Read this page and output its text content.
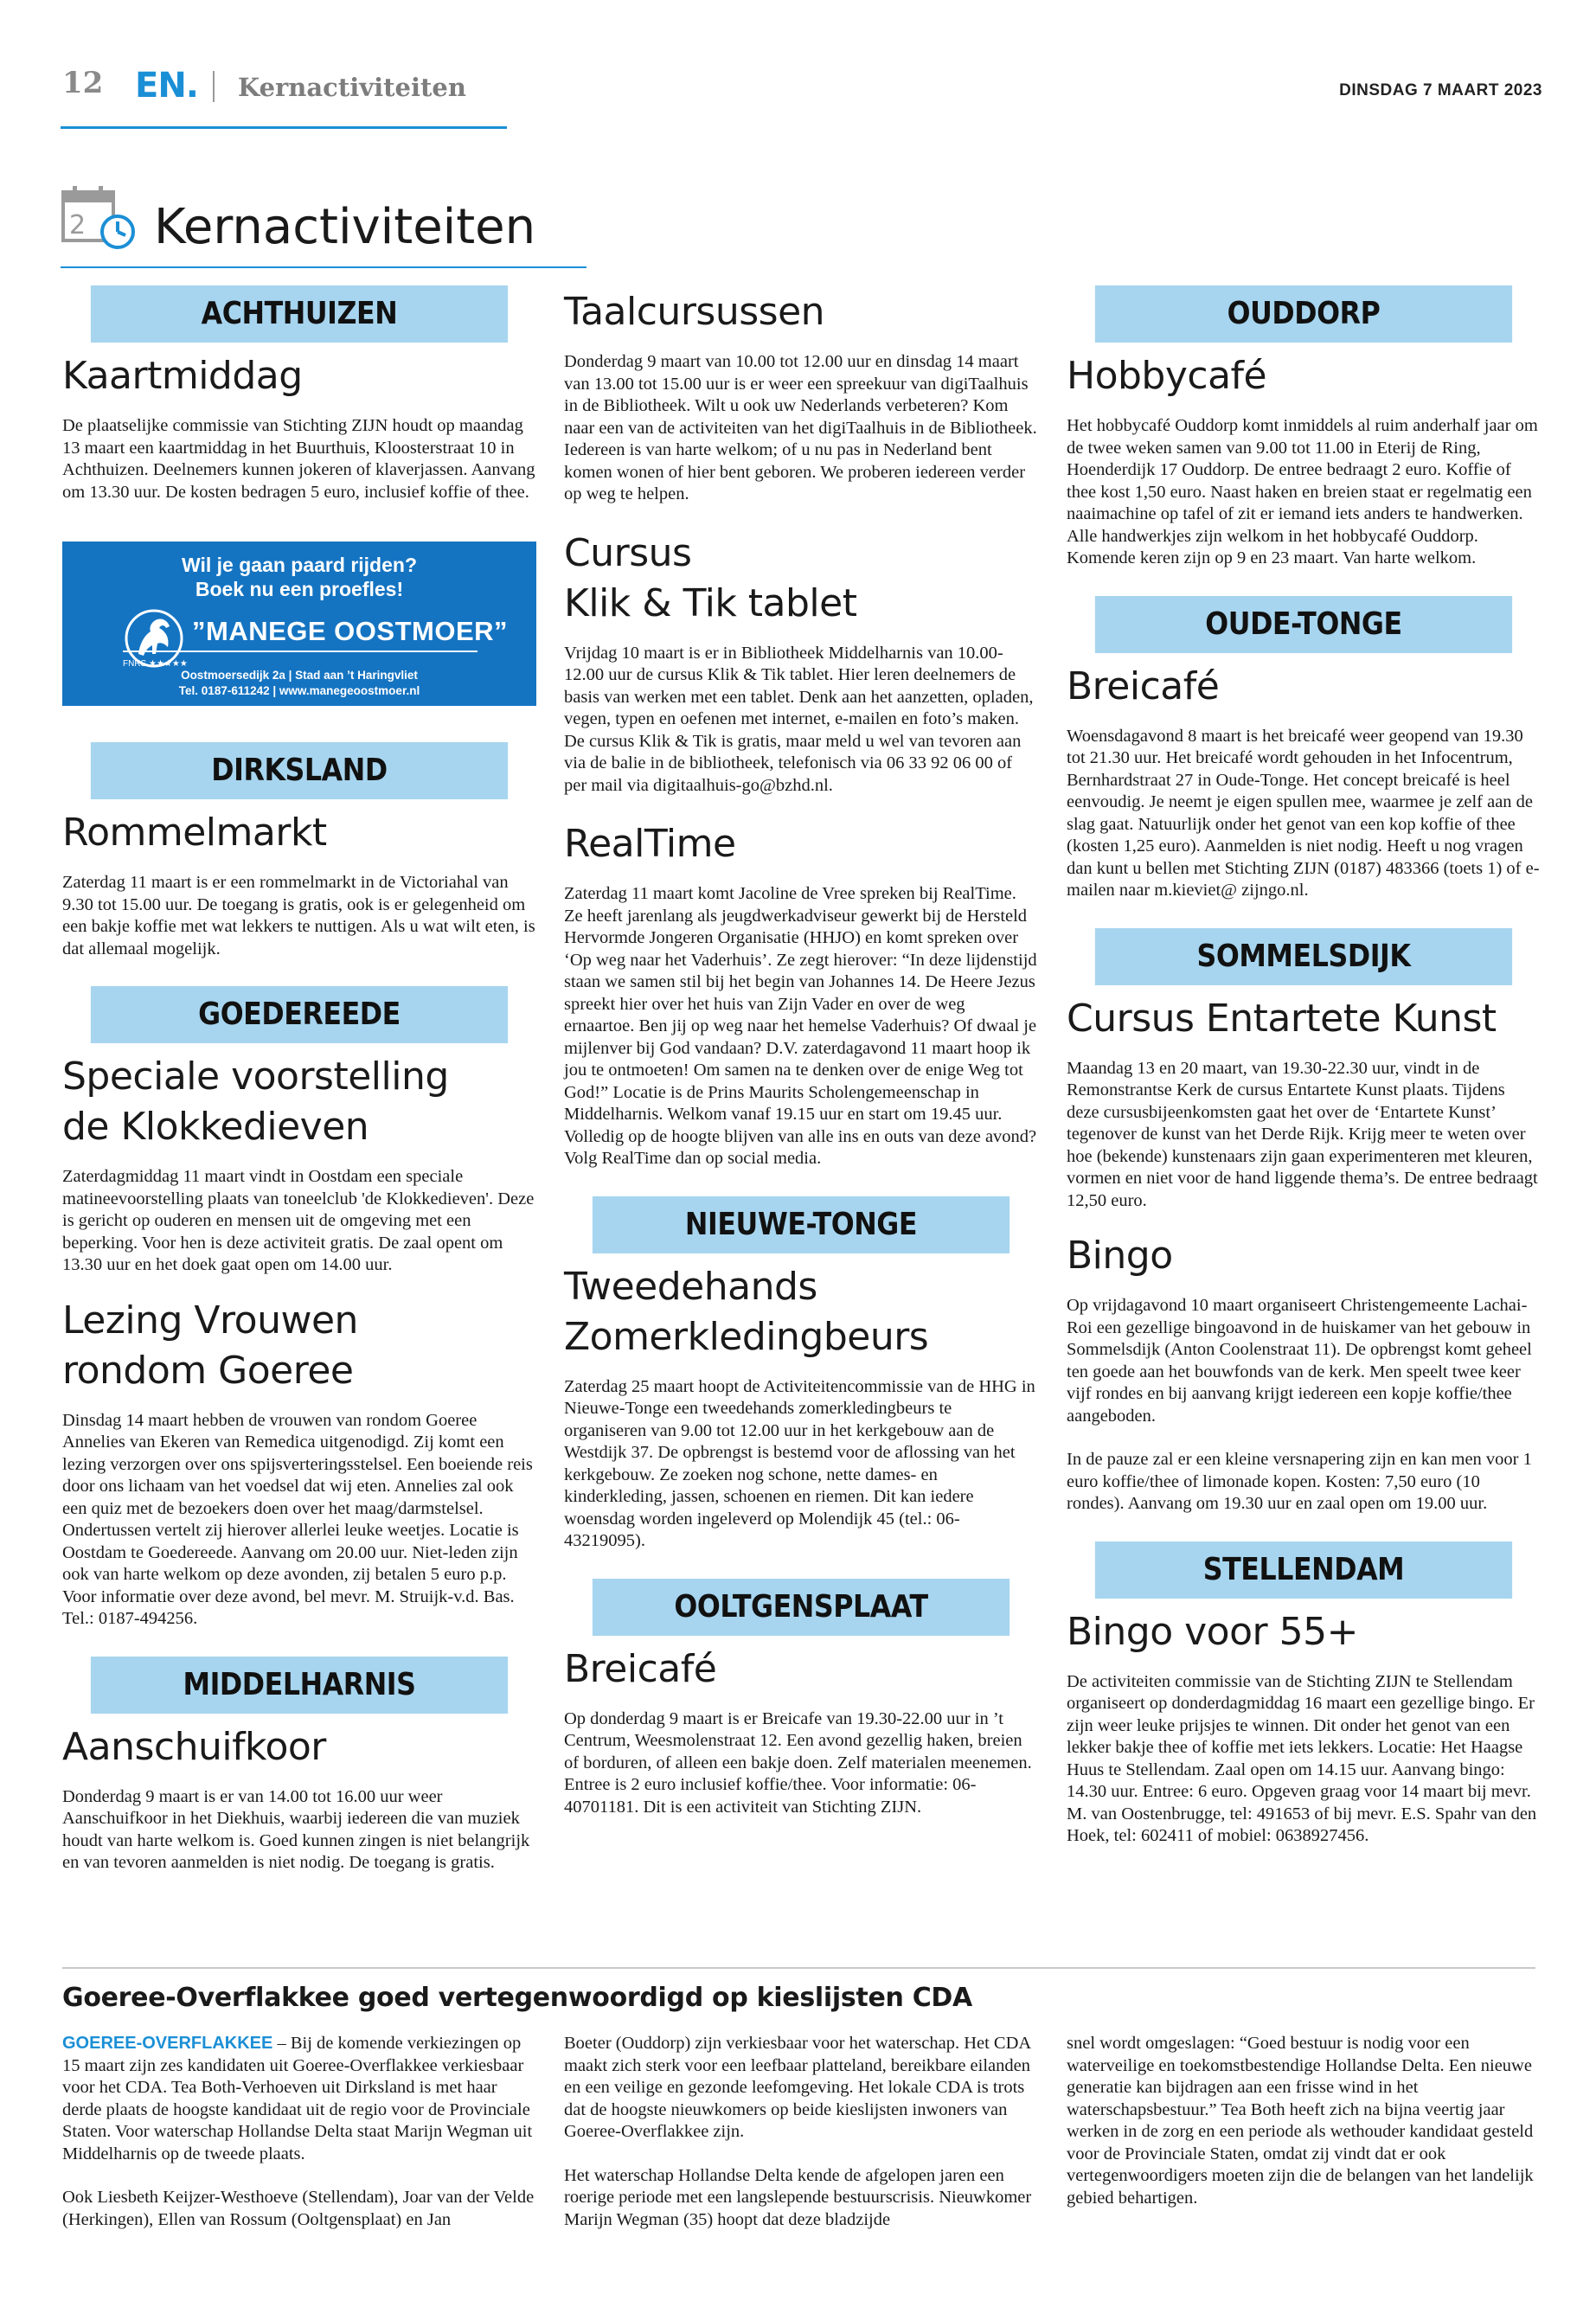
12 EN. Kernactiviteiten	DINSDAG 7 MAART 2023
2 Kernactiviteiten
ACHTHUIZEN
Kaartmiddag

De plaatselijke commissie van Stichting ZIJN houdt op maandag 13 maart een kaartmiddag in het Buurthuis, Kloosterstraat 10 in Achthuizen. Deelnemers kunnen jokeren of klaverjassen. Aanvang om 13.30 uur. De kosten bedragen 5 euro, inclusief koffie of thee.

Wil je gaan paard rijden?
Boek nu een proefles!
”MANEGE OOSTMOER”
FNRS ★★★★★
Oostmoersedijk 2a | Stad aan ’t Haringvliet
Tel. 0187-611242 | www.manegeoostmoer.nl
DIRKSLAND
Rommelmarkt

Zaterdag 11 maart is er een rommelmarkt in de Victoriahal van 9.30 tot 15.00 uur. De toegang is gratis, ook is er gelegenheid om een bakje koffie met wat lekkers te nuttigen. Als u wat wilt eten, is dat allemaal mogelijk.

GOEDEREEDE
Speciale voorstelling
de Klokkedieven

Zaterdagmiddag 11 maart vindt in Oostdam een speciale matineevoorstelling plaats van toneelclub 'de Klokkedieven'. Deze is gericht op ouderen en mensen uit de omgeving met een beperking. Voor hen is deze activiteit gratis. De zaal opent om 13.30 uur en het doek gaat open om 14.00 uur.

Lezing Vrouwen
rondom Goeree

Dinsdag 14 maart hebben de vrouwen van rondom Goeree Annelies van Ekeren van Remedica uitgenodigd. Zij komt een lezing verzorgen over ons spijsverteringsstelsel. Een boeiende reis door ons lichaam van het voedsel dat wij eten. Annelies zal ook een quiz met de bezoekers doen over het maag/darmstelsel. Ondertussen vertelt zij hierover allerlei leuke weetjes. Locatie is Oostdam te Goedereede. Aanvang om 20.00 uur. Niet-leden zijn ook van harte welkom op deze avonden, zij betalen 5 euro p.p. Voor informatie over deze avond, bel mevr. M. Struijk-v.d. Bas. Tel.: 0187-494256.

MIDDELHARNIS
Aanschuifkoor

Donderdag 9 maart is er van 14.00 tot 16.00 uur weer Aanschuifkoor in het Diekhuis, waarbij iedereen die van muziek houdt van harte welkom is. Goed kunnen zingen is niet belangrijk en van tevoren aanmelden is niet nodig. De toegang is gratis.

Taalcursussen

Donderdag 9 maart van 10.00 tot 12.00 uur en dinsdag 14 maart van 13.00 tot 15.00 uur is er weer een spreekuur van digiTaalhuis in de Bibliotheek. Wilt u ook uw Nederlands verbeteren? Kom naar een van de activiteiten van het digiTaalhuis in de Bibliotheek. Iedereen is van harte welkom; of u nu pas in Nederland bent komen wonen of hier bent geboren. We proberen iedereen verder op weg te helpen.

Cursus
Klik & Tik tablet

Vrijdag 10 maart is er in Bibliotheek Middelharnis van 10.00-12.00 uur de cursus Klik & Tik tablet. Hier leren deelnemers de basis van werken met een tablet. Denk aan het aanzetten, opladen, vegen, typen en oefenen met internet, e-mailen en foto’s maken. De cursus Klik & Tik is gratis, maar meld u wel van tevoren aan via de balie in de bibliotheek, telefonisch via 06 33 92 06 00 of per mail via digitaalhuis-go@bzhd.nl.

RealTime

Zaterdag 11 maart komt Jacoline de Vree spreken bij RealTime. Ze heeft jarenlang als jeugdwerkadviseur gewerkt bij de Hersteld Hervormde Jongeren Organisatie (HHJO) en komt spreken over ‘Op weg naar het Vaderhuis’. Ze zegt hierover: “In deze lijdenstijd staan we samen stil bij het begin van Johannes 14. De Heere Jezus spreekt hier over het huis van Zijn Vader en over de weg ernaartoe. Ben jij op weg naar het hemelse Vaderhuis? Of dwaal je mijlenver bij God vandaan? D.V. zaterdagavond 11 maart hoop ik jou te ontmoeten! Om samen na te denken over de enige Weg tot God!” Locatie is de Prins Maurits Scholengemeenschap in Middelharnis. Welkom vanaf 19.15 uur en start om 19.45 uur. Volledig op de hoogte blijven van alle ins en outs van deze avond? Volg RealTime dan op social media.

NIEUWE-TONGE
Tweedehands
Zomerkledingbeurs

Zaterdag 25 maart hoopt de Activiteitencommissie van de HHG in Nieuwe-Tonge een tweedehands zomerkledingbeurs te organiseren van 9.00 tot 12.00 uur in het kerkgebouw aan de Westdijk 37. De opbrengst is bestemd voor de aflossing van het kerkgebouw. Ze zoeken nog schone, nette dames- en kinderkleding, jassen, schoenen en riemen. Dit kan iedere woensdag worden ingeleverd op Molendijk 45 (tel.: 06-43219095).

OOLTGENSPLAAT
Breicafé

Op donderdag 9 maart is er Breicafe van 19.30-22.00 uur in ’t Centrum, Weesmolenstraat 12. Een avond gezellig haken, breien of borduren, of alleen een bakje doen. Zelf materialen meenemen. Entree is 2 euro inclusief koffie/thee. Voor informatie: 06-40701181. Dit is een activiteit van Stichting ZIJN.

OUDDORP
Hobbycafé

Het hobbycafé Ouddorp komt inmiddels al ruim anderhalf jaar om de twee weken samen van 9.00 tot 11.00 in Eterij de Ring, Hoenderdijk 17 Ouddorp. De entree bedraagt 2 euro. Koffie of thee kost 1,50 euro. Naast haken en breien staat er regelmatig een naaimachine op tafel of zit er iemand iets anders te handwerken. Alle handwerkjes zijn welkom in het hobbycafé Ouddorp. Komende keren zijn op 9 en 23 maart. Van harte welkom.

OUDE-TONGE
Breicafé

Woensdagavond 8 maart is het breicafé weer geopend van 19.30 tot 21.30 uur. Het breicafé wordt gehouden in het Infocentrum, Bernhardstraat 27 in Oude-Tonge. Het concept breicafé is heel eenvoudig. Je neemt je eigen spullen mee, waarmee je zelf aan de slag gaat. Natuurlijk onder het genot van een kop koffie of thee (kosten 1,25 euro). Aanmelden is niet nodig. Heeft u nog vragen dan kunt u bellen met Stichting ZIJN (0187) 483366 (toets 1) of e-mailen naar m.kieviet@ zijngo.nl.

SOMMELSDIJK
Cursus Entartete Kunst

Maandag 13 en 20 maart, van 19.30-22.30 uur, vindt in de Remonstrantse Kerk de cursus Entartete Kunst plaats. Tijdens deze cursusbijeenkomsten gaat het over de ‘Entartete Kunst’ tegenover de kunst van het Derde Rijk. Krijg meer te weten over hoe (bekende) kunstenaars zijn gaan experimenteren met kleuren, vormen en niet voor de hand liggende thema’s. De entree bedraagt 12,50 euro.

Bingo

Op vrijdagavond 10 maart organiseert Christengemeente Lachai-Roi een gezellige bingoavond in de huiskamer van het gebouw in Sommelsdijk (Anton Coolenstraat 11). De opbrengst komt geheel ten goede aan het bouwfonds van de kerk. Men speelt twee keer vijf rondes en bij aanvang krijgt iedereen een kopje koffie/thee aangeboden.

In de pauze zal er een kleine versnapering zijn en kan men voor 1 euro koffie/thee of limonade kopen. Kosten: 7,50 euro (10 rondes). Aanvang om 19.30 uur en zaal open om 19.00 uur.

STELLENDAM
Bingo voor 55+

De activiteiten commissie van de Stichting ZIJN te Stellendam organiseert op donderdagmiddag 16 maart een gezellige bingo. Er zijn weer leuke prijsjes te winnen. Dit onder het genot van een lekker bakje thee of koffie met iets lekkers. Locatie: Het Haagse Huus te Stellendam. Zaal open om 14.15 uur. Aanvang bingo: 14.30 uur. Entree: 6 euro. Opgeven graag voor 14 maart bij mevr. M. van Oostenbrugge, tel: 491653 of bij mevr. E.S. Spahr van den Hoek, tel: 602411 of mobiel: 0638927456.

Goeree-Overflakkee goed vertegenwoordigd op kieslijsten CDA

GOEREE-OVERFLAKKEE – Bij de komende verkiezingen op 15 maart zijn zes kandidaten uit Goeree-Overflakkee verkiesbaar voor het CDA. Tea Both-Verhoeven uit Dirksland is met haar derde plaats de hoogste kandidaat uit de regio voor de Provinciale Staten. Voor waterschap Hollandse Delta staat Marijn Wegman uit Middelharnis op de tweede plaats.

Ook Liesbeth Keijzer-Westhoeve (Stellendam), Joar van der Velde (Herkingen), Ellen van Rossum (Ooltgensplaat) en Jan

Boeter (Ouddorp) zijn verkiesbaar voor het waterschap. Het CDA maakt zich sterk voor een leefbaar platteland, bereikbare eilanden en een veilige en gezonde leefomgeving. Het lokale CDA is trots dat de hoogste nieuwkomers op beide kieslijsten inwoners van Goeree-Overflakkee zijn.

Het waterschap Hollandse Delta kende de afgelopen jaren een roerige periode met een langslepende bestuurscrisis. Nieuwkomer Marijn Wegman (35) hoopt dat deze bladzijde

snel wordt omgeslagen: “Goed bestuur is nodig voor een waterveilige en toekomstbestendige Hollandse Delta. Een nieuwe generatie kan bijdragen aan een frisse wind in het waterschapsbestuur.” Tea Both heeft zich na bijna veertig jaar werken in de zorg en een periode als wethouder kandidaat gesteld voor de Provinciale Staten, omdat zij vindt dat er ook vertegenwoordigers moeten zijn die de belangen van het landelijk gebied behartigen.
